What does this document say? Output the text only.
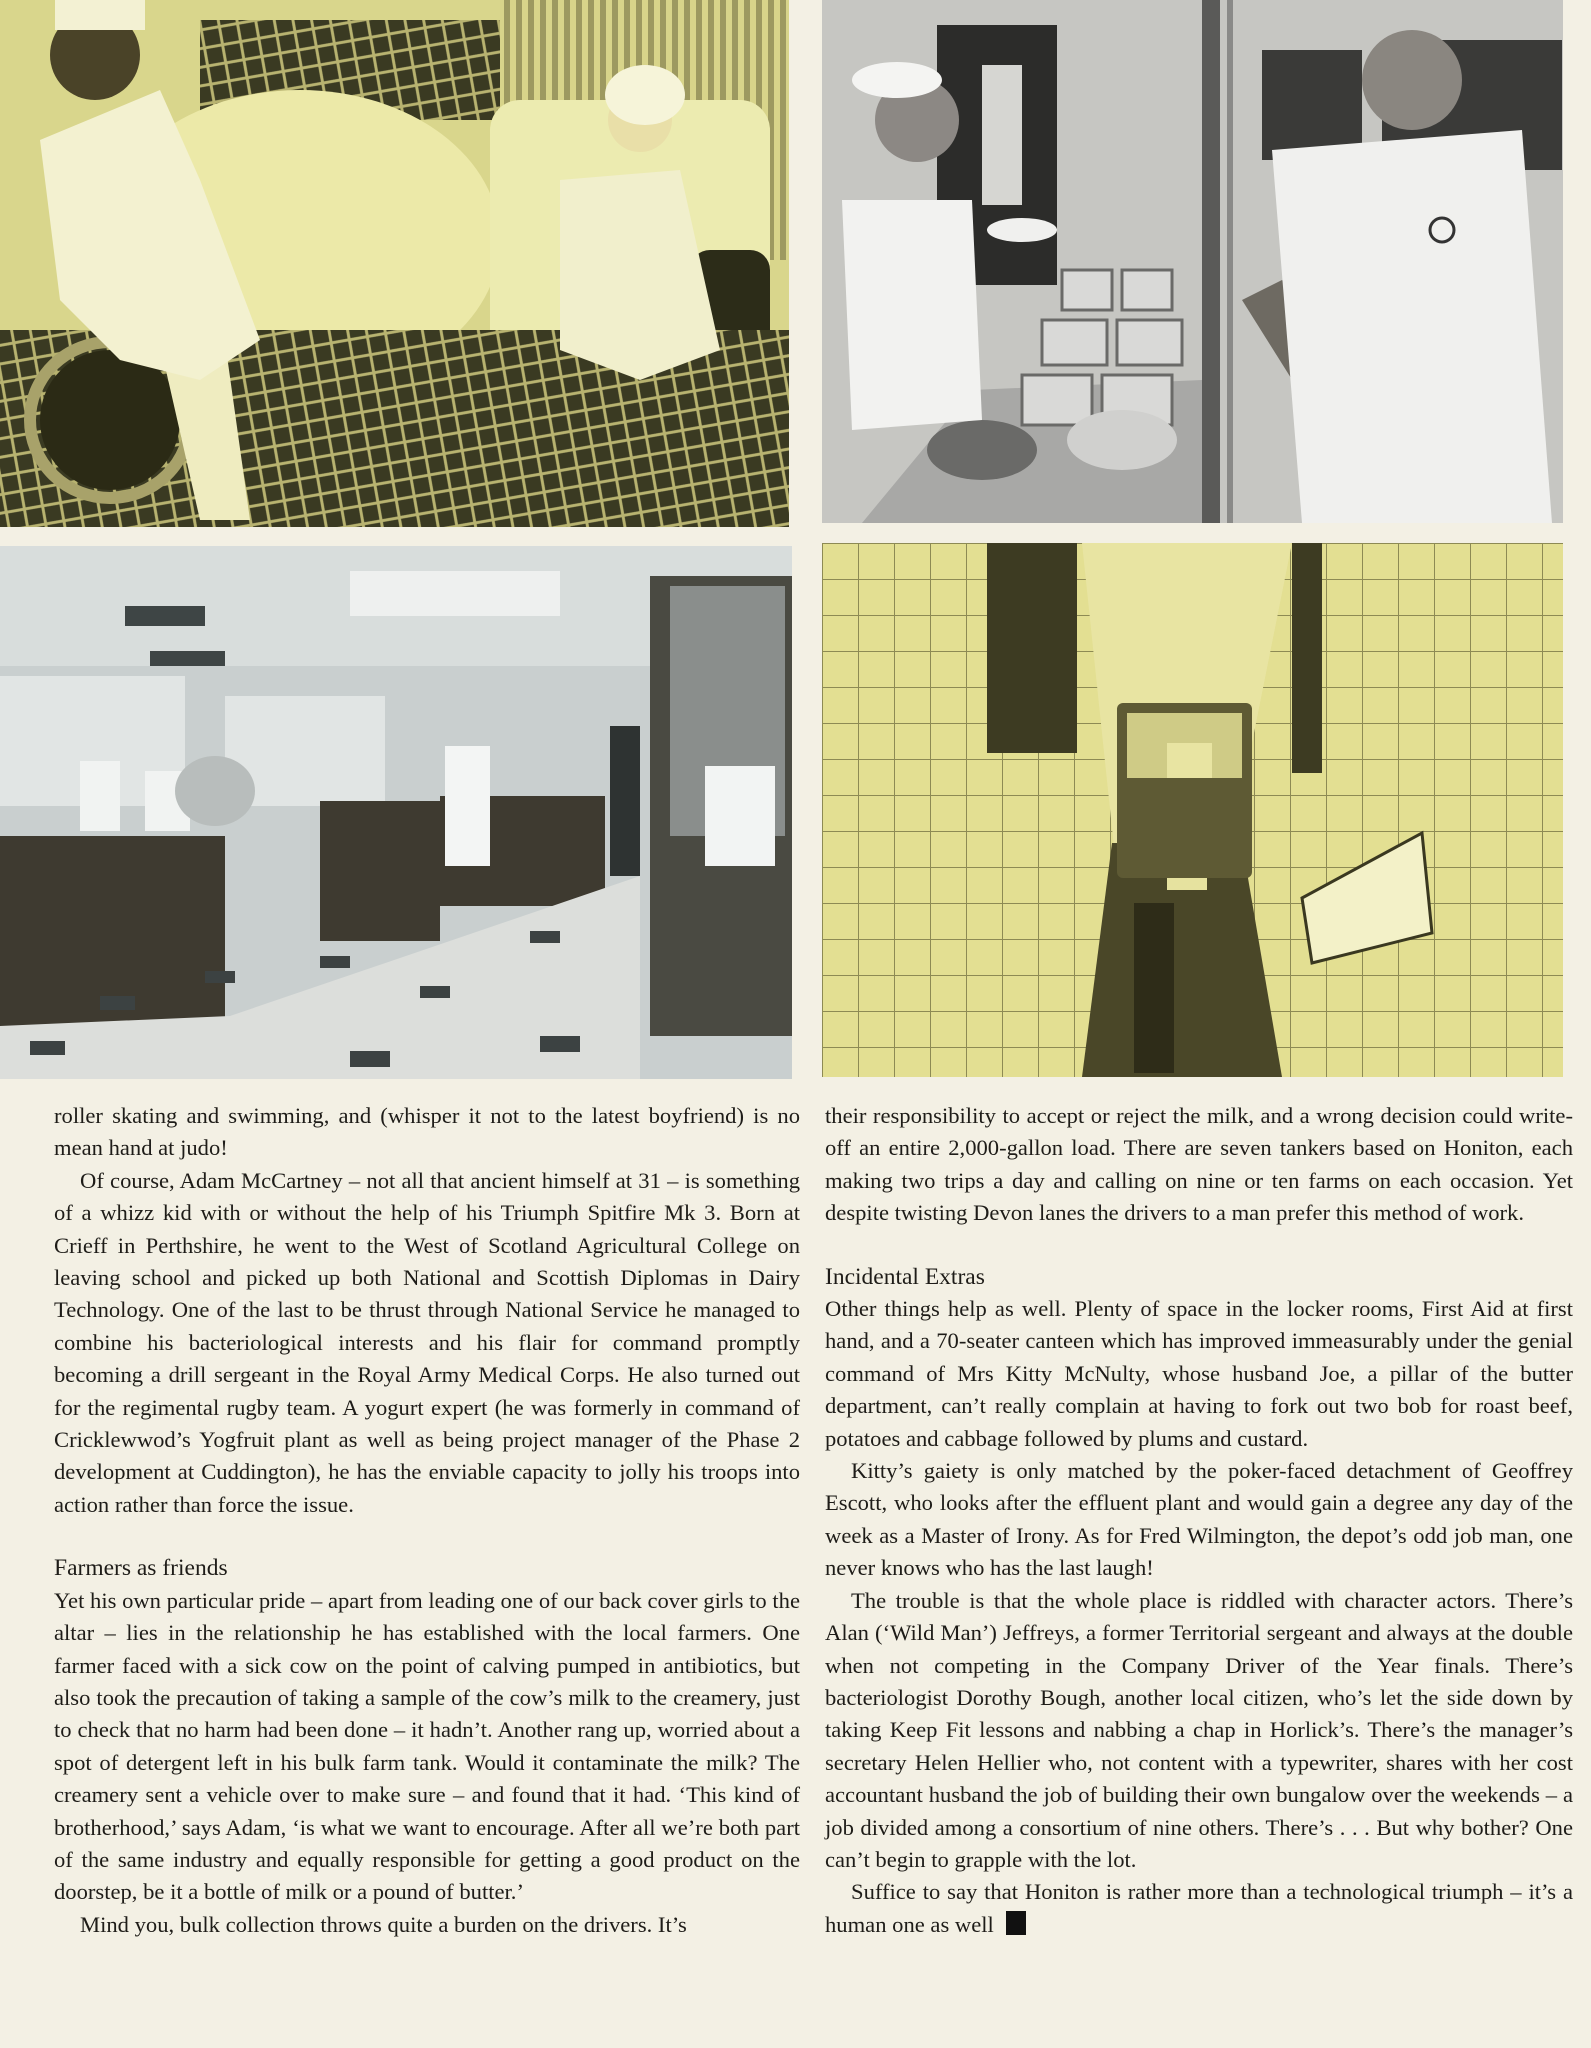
roller skating and swimming, and (whisper it not to the latest boyfriend) is no mean hand at judo!

Of course, Adam McCartney – not all that ancient himself at 31 – is something of a whizz kid with or without the help of his Triumph Spitfire Mk 3. Born at Crieff in Perthshire, he went to the West of Scotland Agricultural College on leaving school and picked up both National and Scottish Diplomas in Dairy Technology. One of the last to be thrust through National Service he managed to combine his bacteriological interests and his flair for command promptly becoming a drill sergeant in the Royal Army Medical Corps. He also turned out for the regimental rugby team. A yogurt expert (he was formerly in command of Cricklewwod’s Yogfruit plant as well as being project manager of the Phase 2 development at Cuddington), he has the enviable capacity to jolly his troops into action rather than force the issue.

Farmers as friends

Yet his own particular pride – apart from leading one of our back cover girls to the altar – lies in the relationship he has established with the local farmers. One farmer faced with a sick cow on the point of calving pumped in antibiotics, but also took the precaution of taking a sample of the cow’s milk to the creamery, just to check that no harm had been done – it hadn’t. Another rang up, worried about a spot of detergent left in his bulk farm tank. Would it contaminate the milk? The creamery sent a vehicle over to make sure – and found that it had. ‘This kind of brotherhood,’ says Adam, ‘is what we want to encourage. After all we’re both part of the same industry and equally responsible for getting a good product on the doorstep, be it a bottle of milk or a pound of butter.’

Mind you, bulk collection throws quite a burden on the drivers. It’s

their responsibility to accept or reject the milk, and a wrong decision could write-off an entire 2,000-gallon load. There are seven tankers based on Honiton, each making two trips a day and calling on nine or ten farms on each occasion. Yet despite twisting Devon lanes the drivers to a man prefer this method of work.

Incidental Extras

Other things help as well. Plenty of space in the locker rooms, First Aid at first hand, and a 70-seater canteen which has improved immeasurably under the genial command of Mrs Kitty McNulty, whose husband Joe, a pillar of the butter department, can’t really complain at having to fork out two bob for roast beef, potatoes and cabbage followed by plums and custard.

Kitty’s gaiety is only matched by the poker-faced detachment of Geoffrey Escott, who looks after the effluent plant and would gain a degree any day of the week as a Master of Irony. As for Fred Wilmington, the depot’s odd job man, one never knows who has the last laugh!

The trouble is that the whole place is riddled with character actors. There’s Alan (‘Wild Man’) Jeffreys, a former Territorial sergeant and always at the double when not competing in the Company Driver of the Year finals. There’s bacteriologist Dorothy Bough, another local citizen, who’s let the side down by taking Keep Fit lessons and nabbing a chap in Horlick’s. There’s the manager’s secretary Helen Hellier who, not content with a typewriter, shares with her cost accountant husband the job of building their own bungalow over the weekends – a job divided among a consortium of nine others. There’s . . . But why bother? One can’t begin to grapple with the lot.

Suffice to say that Honiton is rather more than a technological triumph – it’s a human one as well
